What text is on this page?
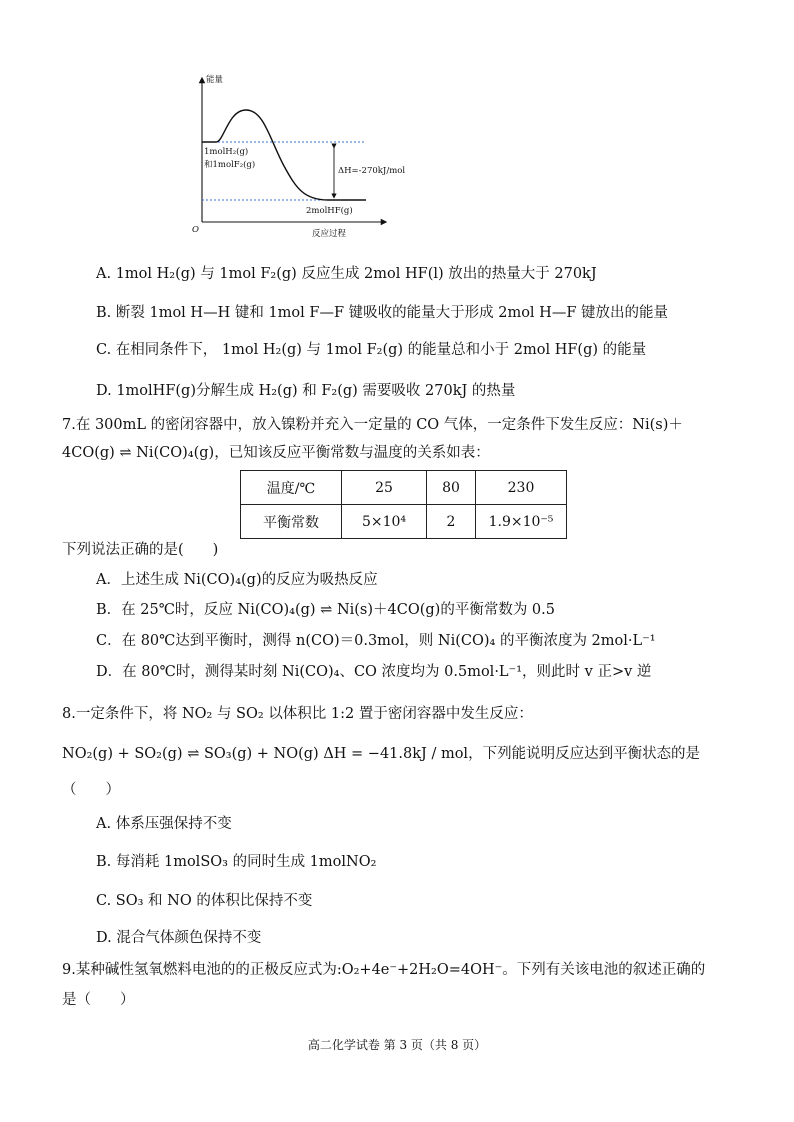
能量
反应过程
O
ΔH=-270kJ/mol
1molH₂(g)
和1molF₂(g)
2molHF(g)
A. 1mol H₂(g) 与 1mol F₂(g) 反应生成 2mol HF(l) 放出的热量大于 270kJ
B. 断裂 1mol H—H 键和 1mol F—F 键吸收的能量大于形成 2mol H—F 键放出的能量
C. 在相同条件下， 1mol H₂(g) 与 1mol F₂(g) 的能量总和小于 2mol HF(g) 的能量
D. 1molHF(g)分解生成 H₂(g) 和 F₂(g) 需要吸收 270kJ 的热量
7.在 300mL 的密闭容器中，放入镍粉并充入一定量的 CO 气体，一定条件下发生反应：Ni(s)＋
4CO(g) ⇌ Ni(CO)₄(g)，已知该反应平衡常数与温度的关系如表：
温度/℃	25	80	230
平衡常数	5×10⁴	2	1.9×10⁻⁵
下列说法正确的是(　　)
A．上述生成 Ni(CO)₄(g)的反应为吸热反应
B．在 25℃时，反应 Ni(CO)₄(g) ⇌ Ni(s)＋4CO(g)的平衡常数为 0.5
C．在 80℃达到平衡时，测得 n(CO)＝0.3mol，则 Ni(CO)₄ 的平衡浓度为 2mol·L⁻¹
D．在 80℃时，测得某时刻 Ni(CO)₄、CO 浓度均为 0.5mol·L⁻¹，则此时 v 正>v 逆
8.一定条件下，将 NO₂ 与 SO₂ 以体积比 1:2 置于密闭容器中发生反应：
NO₂(g) + SO₂(g) ⇌ SO₃(g) + NO(g) ΔH = −41.8kJ / mol，下列能说明反应达到平衡状态的是
（　　）
A. 体系压强保持不变
B. 每消耗 1molSO₃ 的同时生成 1molNO₂
C. SO₃ 和 NO 的体积比保持不变
D. 混合气体颜色保持不变
9.某种碱性氢氧燃料电池的的正极反应式为:O₂+4e⁻+2H₂O=4OH⁻。下列有关该电池的叙述正确的
是（　　）
高二化学试卷 第 3 页（共 8 页）
